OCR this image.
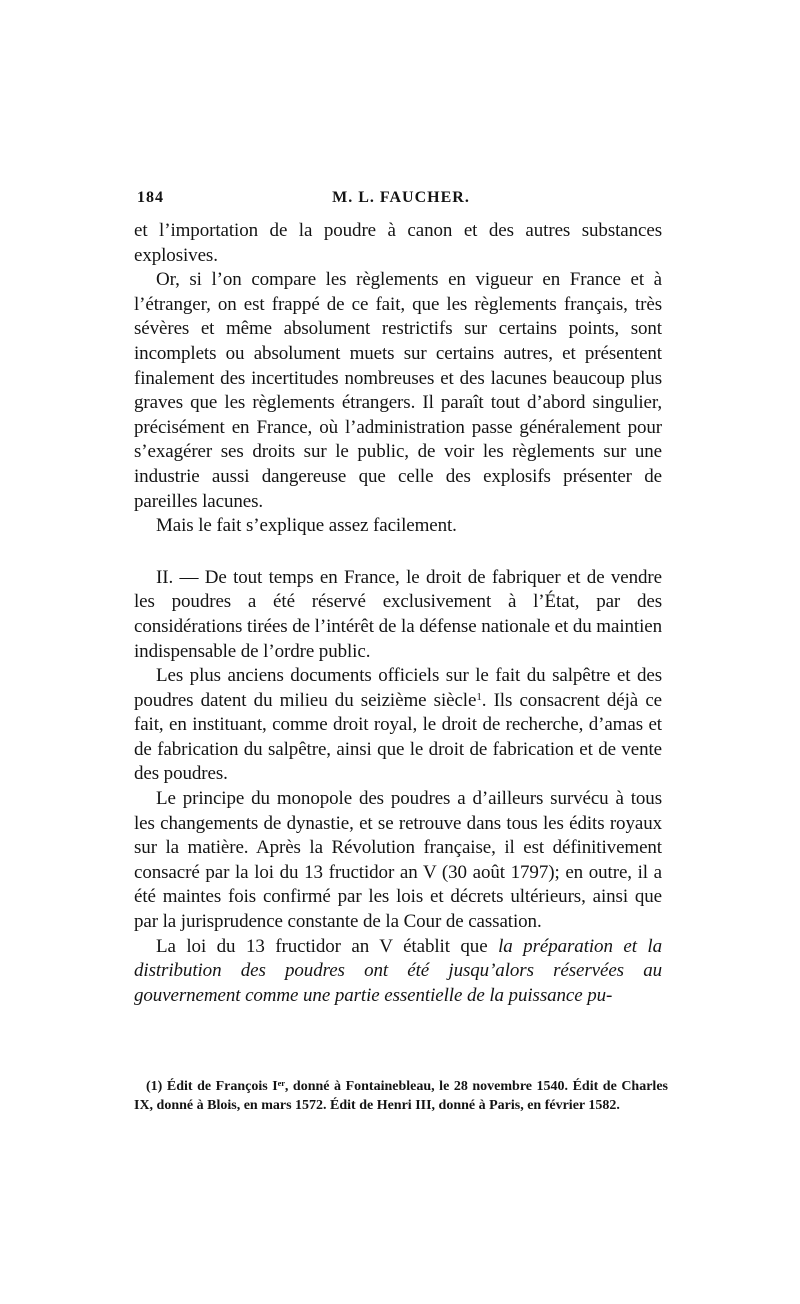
184	M. L. FAUCHER.

et l’importation de la poudre à canon et des autres substances explosives.

Or, si l’on compare les règlements en vigueur en France et à l’étranger, on est frappé de ce fait, que les règlements français, très sévères et même absolument restrictifs sur certains points, sont incomplets ou absolument muets sur certains autres, et présentent finalement des incertitudes nombreuses et des lacunes beaucoup plus graves que les règlements étrangers. Il paraît tout d’abord singulier, précisément en France, où l’administration passe généralement pour s’exagérer ses droits sur le public, de voir les règlements sur une industrie aussi dangereuse que celle des explosifs présenter de pareilles lacunes.

Mais le fait s’explique assez facilement.

II. — De tout temps en France, le droit de fabriquer et de vendre les poudres a été réservé exclusivement à l’État, par des considérations tirées de l’intérêt de la défense nationale et du maintien indispensable de l’ordre public.

Les plus anciens documents officiels sur le fait du salpêtre et des poudres datent du milieu du seizième siècle$^1$. Ils consacrent déjà ce fait, en instituant, comme droit royal, le droit de recherche, d’amas et de fabrication du salpêtre, ainsi que le droit de fabrication et de vente des poudres.

Le principe du monopole des poudres a d’ailleurs survécu à tous les changements de dynastie, et se retrouve dans tous les édits royaux sur la matière. Après la Révolution française, il est définitivement consacré par la loi du 13 fructidor an V (30 août 1797); en outre, il a été maintes fois confirmé par les lois et décrets ultérieurs, ainsi que par la jurisprudence constante de la Cour de cassation.

La loi du 13 fructidor an V établit que la préparation et la distribution des poudres ont été jusqu’alors réservées au gouvernement comme une partie essentielle de la puissance pu-

(1) Édit de François Iᵉʳ, donné à Fontainebleau, le 28 novembre 1540. Édit de Charles IX, donné à Blois, en mars 1572. Édit de Henri III, donné à Paris, en février 1582.
